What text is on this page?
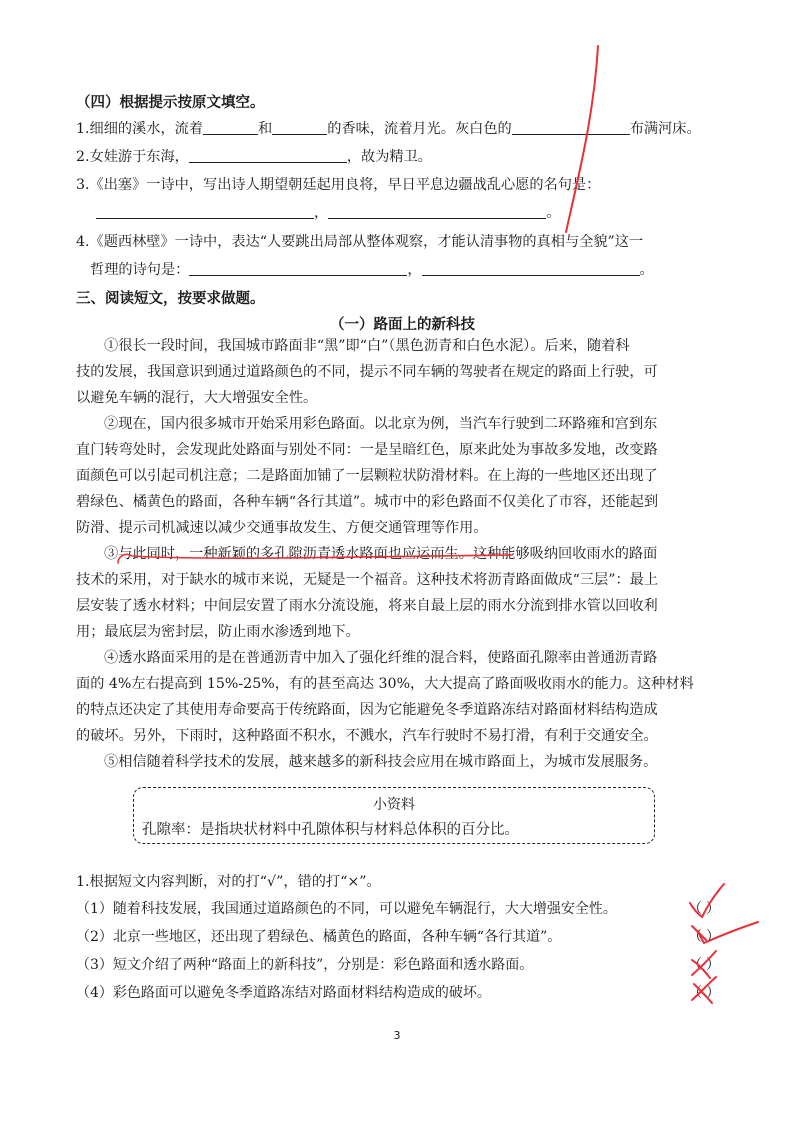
（四）根据提示按原文填空。
1.细细的溪水，流着	和	的香味，流着月光。灰白色的	布满河床。
2.女娃游于东海，	，故为精卫。
3.《出塞》一诗中，写出诗人期望朝廷起用良将，早日平息边疆战乱心愿的名句是：
，	。
4.《题西林壁》一诗中，表达“人要跳出局部从整体观察，才能认清事物的真相与全貌”这一
哲理的诗句是：	，	。
三、阅读短文，按要求做题。
（一）路面上的新科技
①很长一段时间，我国城市路面非“黑”即“白”（黑色沥青和白色水泥）。后来，随着科
技的发展，我国意识到通过道路颜色的不同，提示不同车辆的驾驶者在规定的路面上行驶，可
以避免车辆的混行，大大增强安全性。
②现在，国内很多城市开始采用彩色路面。以北京为例，当汽车行驶到二环路雍和宫到东
直门转弯处时，会发现此处路面与别处不同：一是呈暗红色，原来此处为事故多发地，改变路
面颜色可以引起司机注意；二是路面加铺了一层颗粒状防滑材料。在上海的一些地区还出现了
碧绿色、橘黄色的路面，各种车辆“各行其道”。城市中的彩色路面不仅美化了市容，还能起到
防滑、提示司机减速以减少交通事故发生、方便交通管理等作用。
③与此同时，一种新颖的多孔隙沥青透水路面也应运而生。这种能够吸纳回收雨水的路面
技术的采用，对于缺水的城市来说，无疑是一个福音。这种技术将沥青路面做成“三层”：最上
层安装了透水材料；中间层安置了雨水分流设施，将来自最上层的雨水分流到排水管以回收利
用；最底层为密封层，防止雨水渗透到地下。
④透水路面采用的是在普通沥青中加入了强化纤维的混合料，使路面孔隙率由普通沥青路
面的 4%左右提高到 15%-25%，有的甚至高达 30%，大大提高了路面吸收雨水的能力。这种材料
的特点还决定了其使用寿命要高于传统路面，因为它能避免冬季道路冻结对路面材料结构造成
的破坏。另外，下雨时，这种路面不积水，不溅水，汽车行驶时不易打滑，有利于交通安全。
⑤相信随着科学技术的发展，越来越多的新科技会应用在城市路面上，为城市发展服务。
小资料
孔隙率：是指块状材料中孔隙体积与材料总体积的百分比。
1.根据短文内容判断，对的打“√”，错的打“×”。
（1）随着科技发展，我国通过道路颜色的不同，可以避免车辆混行，大大增强安全性。
（2）北京一些地区，还出现了碧绿色、橘黄色的路面，各种车辆“各行其道”。
（3）短文介绍了两种“路面上的新科技”，分别是：彩色路面和透水路面。
（4）彩色路面可以避免冬季道路冻结对路面材料结构造成的破坏。
（ ）
（ ）
（ ）
（ ）
3
